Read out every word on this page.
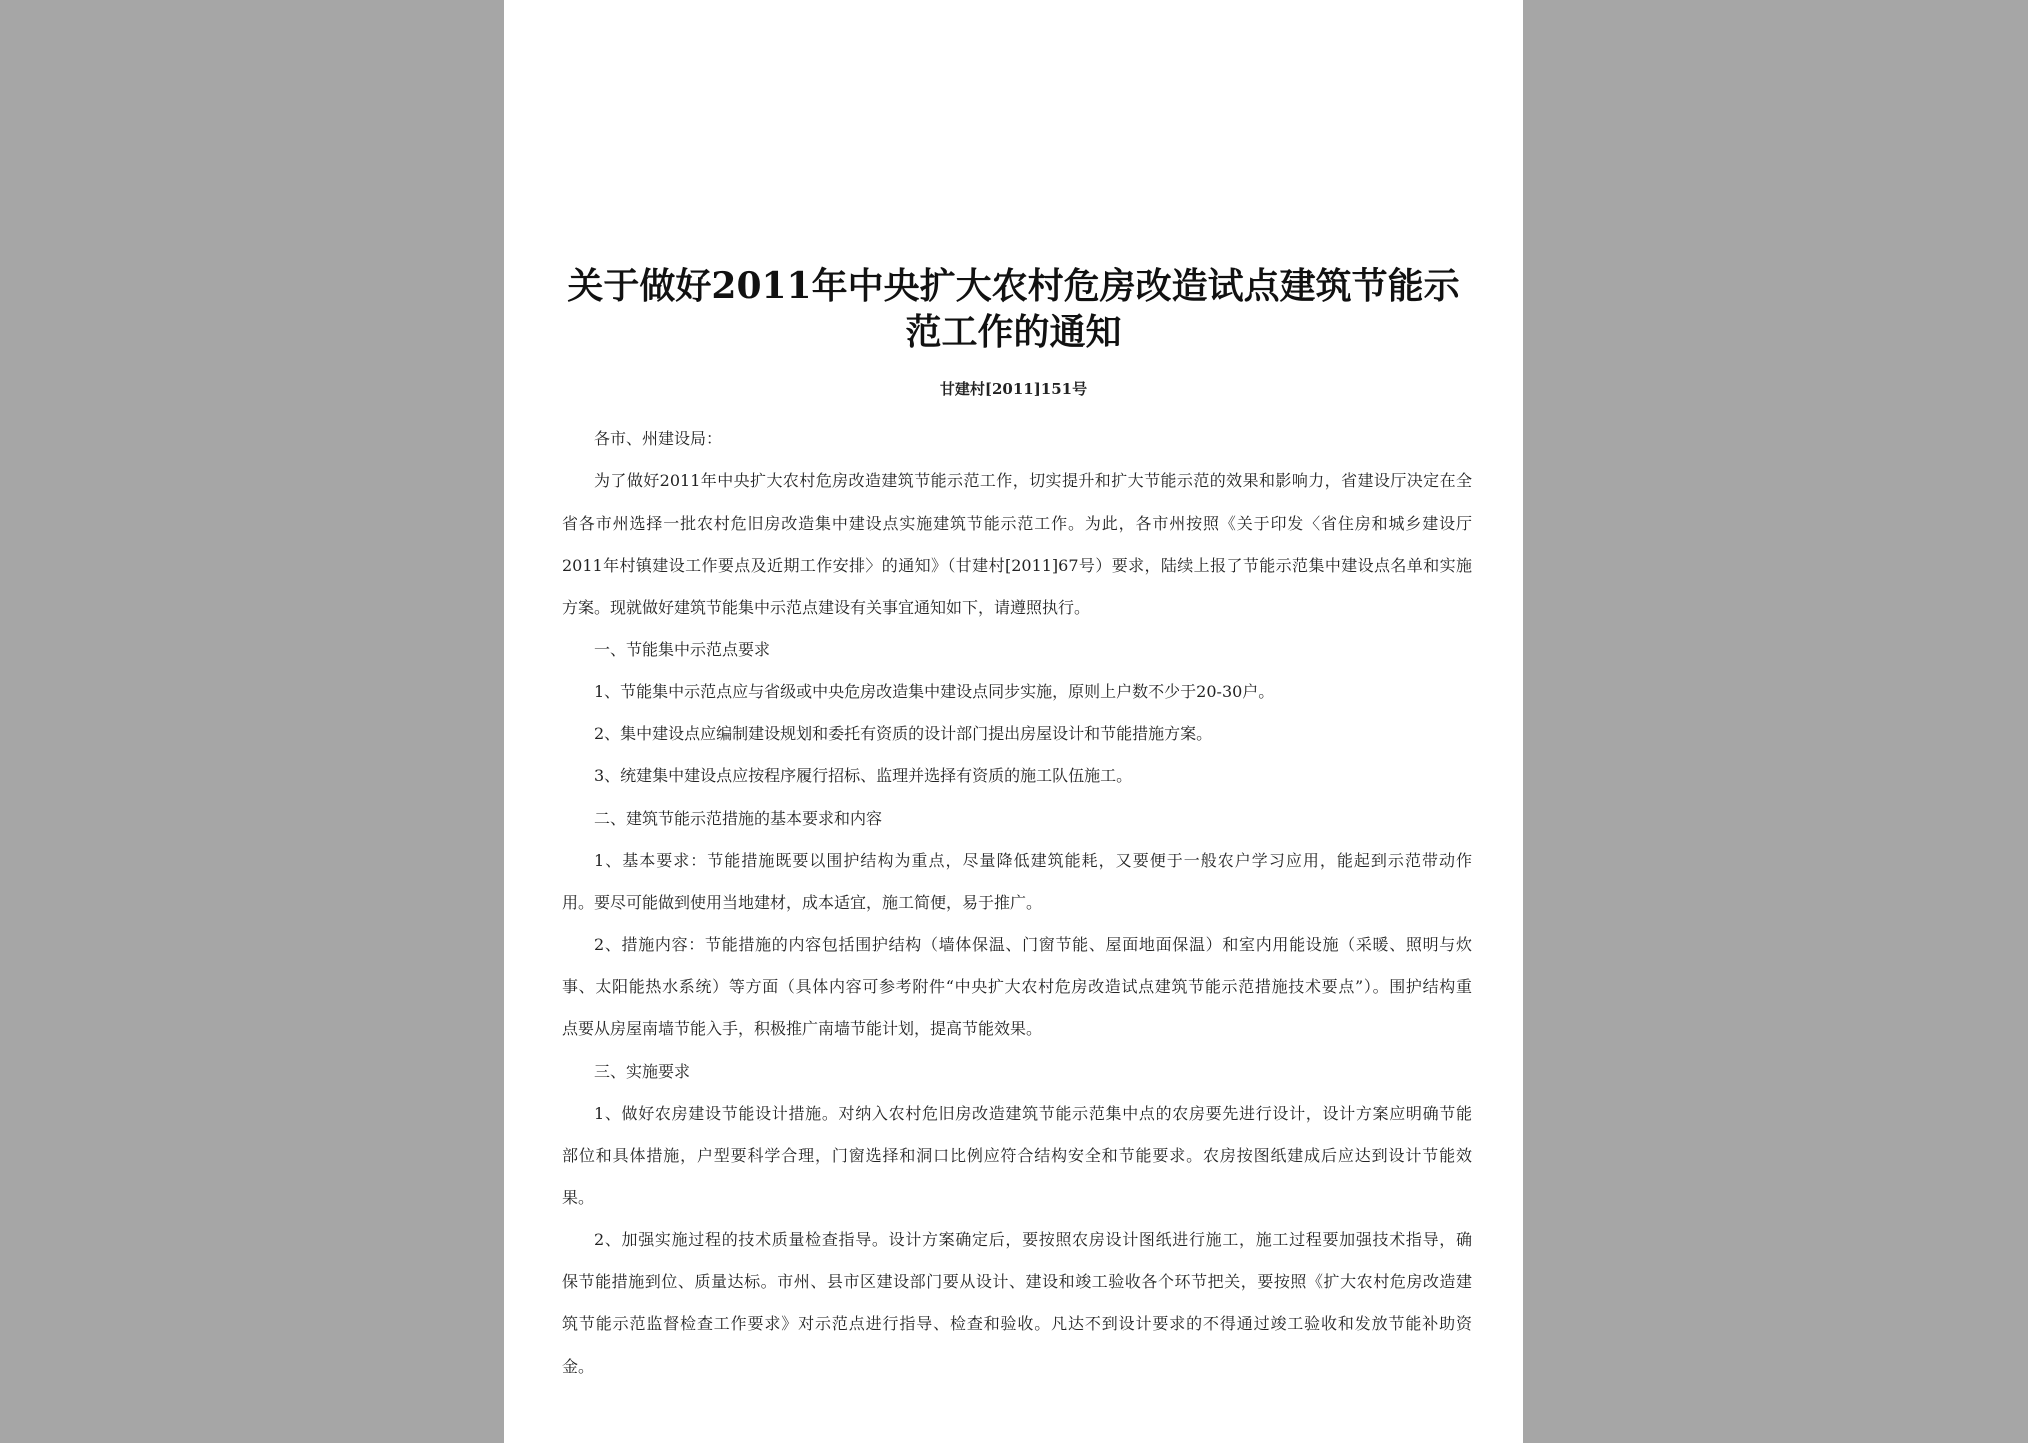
关于做好2011年中央扩大农村危房改造试点建筑节能示
范工作的通知
甘建村[2011]151号
各市、州建设局：
为了做好2011年中央扩大农村危房改造建筑节能示范工作，切实提升和扩大节能示范的效果和影响力，省建设厅决定在全
省各市州选择一批农村危旧房改造集中建设点实施建筑节能示范工作。为此，各市州按照《关于印发〈省住房和城乡建设厅
2011年村镇建设工作要点及近期工作安排〉的通知》（甘建村[2011]67号）要求，陆续上报了节能示范集中建设点名单和实施
方案。现就做好建筑节能集中示范点建设有关事宜通知如下，请遵照执行。
一、节能集中示范点要求
1、节能集中示范点应与省级或中央危房改造集中建设点同步实施，原则上户数不少于20-30户。
2、集中建设点应编制建设规划和委托有资质的设计部门提出房屋设计和节能措施方案。
3、统建集中建设点应按程序履行招标、监理并选择有资质的施工队伍施工。
二、建筑节能示范措施的基本要求和内容
1、基本要求：节能措施既要以围护结构为重点，尽量降低建筑能耗，又要便于一般农户学习应用，能起到示范带动作
用。要尽可能做到使用当地建材，成本适宜，施工简便，易于推广。
2、措施内容：节能措施的内容包括围护结构（墙体保温、门窗节能、屋面地面保温）和室内用能设施（采暖、照明与炊
事、太阳能热水系统）等方面（具体内容可参考附件“中央扩大农村危房改造试点建筑节能示范措施技术要点”）。围护结构重
点要从房屋南墙节能入手，积极推广南墙节能计划，提高节能效果。
三、实施要求
1、做好农房建设节能设计措施。对纳入农村危旧房改造建筑节能示范集中点的农房要先进行设计，设计方案应明确节能
部位和具体措施，户型要科学合理，门窗选择和洞口比例应符合结构安全和节能要求。农房按图纸建成后应达到设计节能效
果。
2、加强实施过程的技术质量检查指导。设计方案确定后，要按照农房设计图纸进行施工，施工过程要加强技术指导，确
保节能措施到位、质量达标。市州、县市区建设部门要从设计、建设和竣工验收各个环节把关，要按照《扩大农村危房改造建
筑节能示范监督检查工作要求》对示范点进行指导、检查和验收。凡达不到设计要求的不得通过竣工验收和发放节能补助资
金。
